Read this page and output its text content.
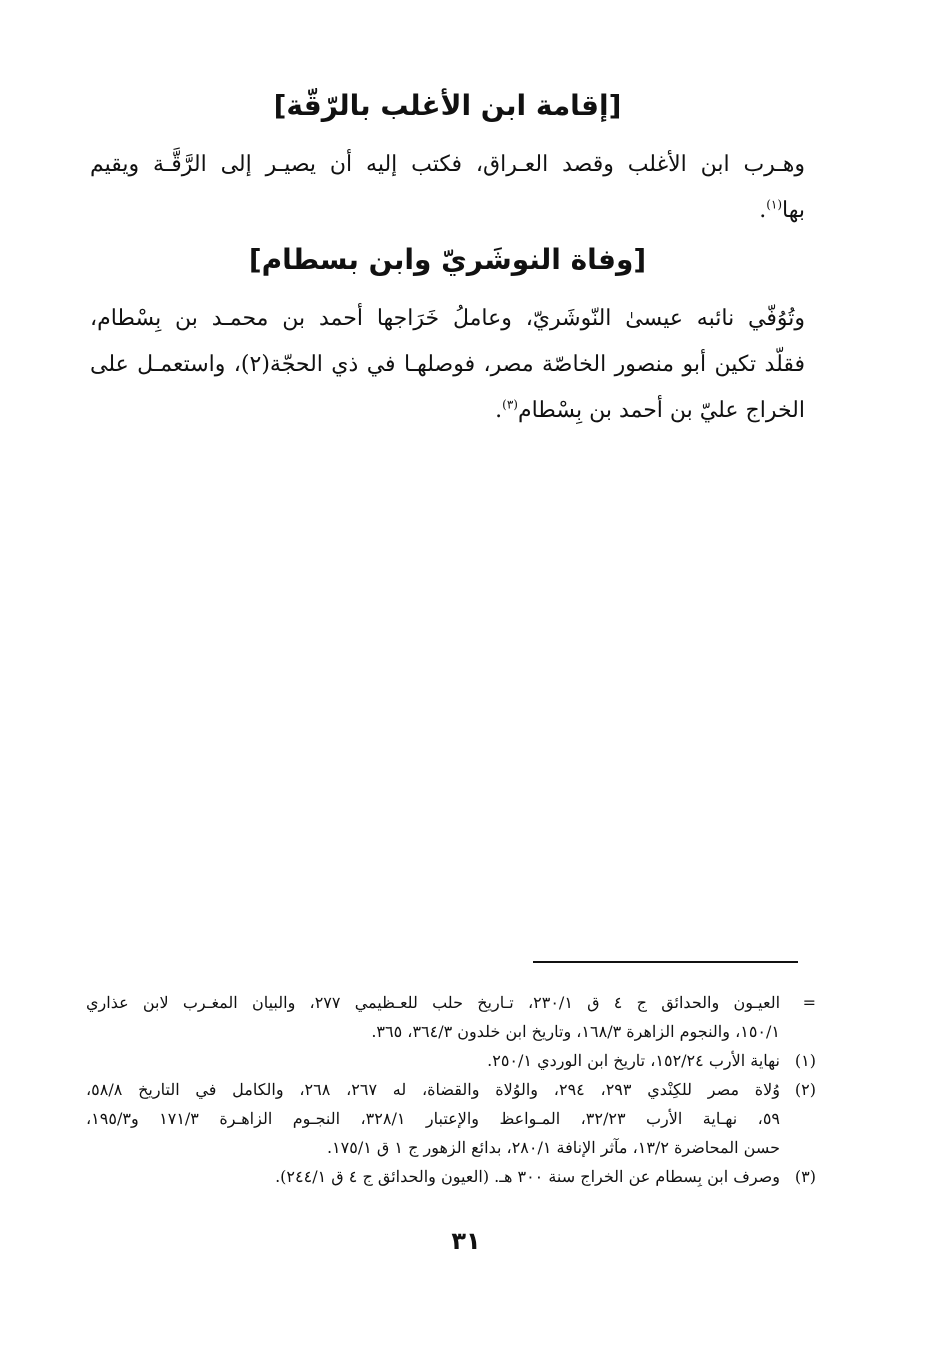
[إقامة ابن الأغلب بالرّقّة]
وهـرب ابن الأغلب وقصد العـراق، فكتب إليه أن يصيـر إلى الرَّقَّـة ويقيم
بها$^{(١)}$.
[وفاة النوشَريّ وابن بسطام]
وتُوُفّي نائبه عيسىٰ النّوشَريّ، وعاملُ خَرَاجها أحمد بن محمـد بن بِسْطام،
فقلّد تكين أبو منصور الخاصّة مصر، فوصلهـا في ذي الحجّة(٢)، واستعمـل على
الخراج عليّ بن أحمد بن بِسْطام$^{(٣)}$.
=
العيـون والحدائق ج ٤ ق ٢٣٠/١، تـاريخ حلب للعـظيمي ٢٧٧، والبيان المغـرب لابن عذاري
١٥٠/١، والنجوم الزاهرة ١٦٨/٣، وتاريخ ابن خلدون ٣٦٤/٣، ٣٦٥.
(١)
نهاية الأرب ١٥٢/٢٤، تاريخ ابن الوردي ٢٥٠/١.
(٢)
وُلاة مصر للكِنْدي ٢٩٣، ٢٩٤، والوُلاة والقضاة، له ٢٦٧، ٢٦٨، والكامل في التاريخ ٥٨/٨،
٥٩، نهـاية الأرب ٣٢/٢٣، المـواعظ والإعتبار ٣٢٨/١، النجـوم الزاهـرة ١٧١/٣ و١٩٥/٣،
حسن المحاضرة ١٣/٢، مآثر الإنافة ٢٨٠/١، بدائع الزهور ج ١ ق ١٧٥/١.
(٣)
وصرف ابن بِسطام عن الخراج سنة ٣٠٠ هـ. (العيون والحدائق ج ٤ ق ٢٤٤/١).
٣١
